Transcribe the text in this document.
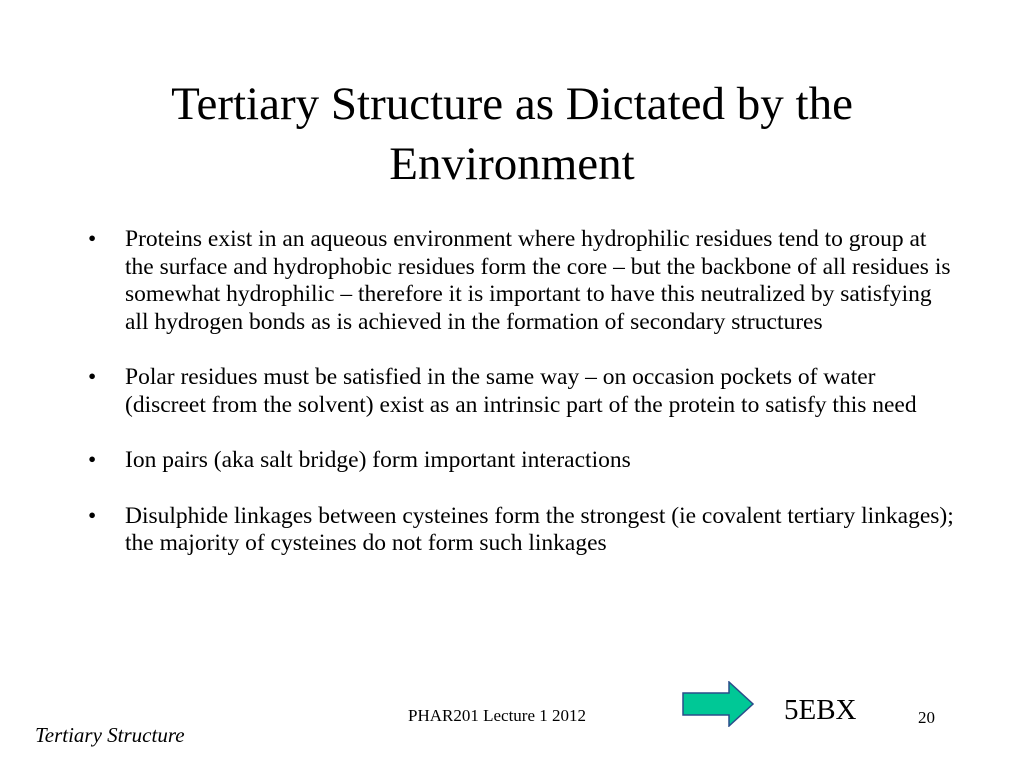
Tertiary Structure as Dictated by the Environment
• Proteins exist in an aqueous environment where hydrophilic residues tend to group at the surface and hydrophobic residues form the core – but the backbone of all residues is somewhat hydrophilic – therefore it is important to have this neutralized by satisfying all hydrogen bonds as is achieved in the formation of secondary structures
• Polar residues must be satisfied in the same way – on occasion pockets of water (discreet from the solvent) exist as an intrinsic part of the protein to satisfy this need
• Ion pairs (aka salt bridge) form important interactions
• Disulphide linkages between cysteines form the strongest (ie covalent tertiary linkages); the majority of cysteines do not form such linkages
5EBX
PHAR201 Lecture 1 2012	20
Tertiary Structure
